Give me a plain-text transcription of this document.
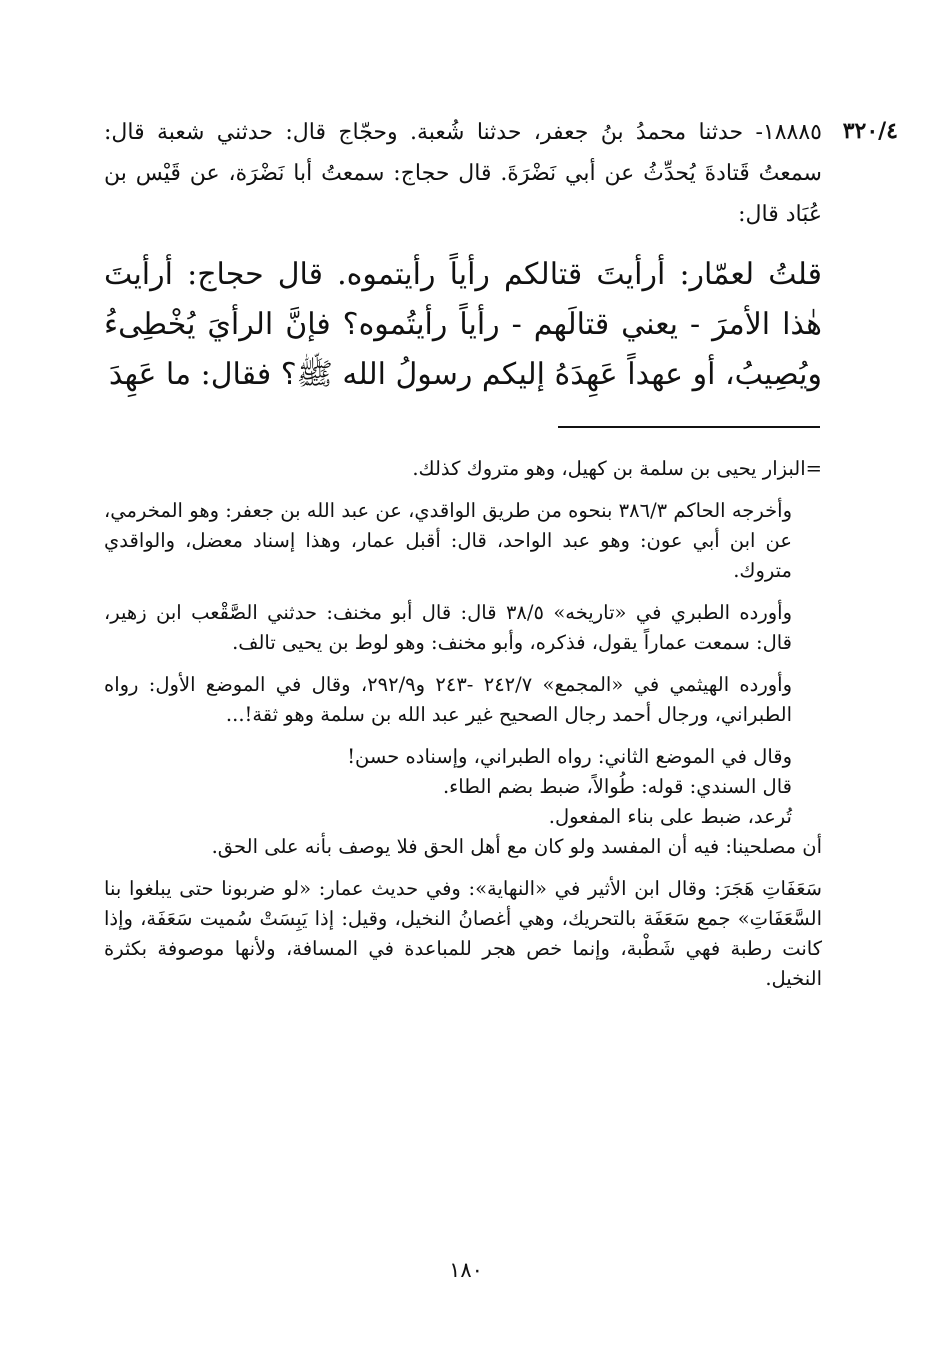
٣٢٠/٤
١٨٨٨٥- حدثنا محمدُ بنُ جعفر، حدثنا شُعبة. وحجّاج قال: حدثني شعبة قال: سمعتُ قَتادةَ يُحدِّثُ عن أبي نَضْرَةَ. قال حجاج: سمعتُ أبا نَضْرَة، عن قَيْس بن عُبَاد قال:
قلتُ لعمّار: أرأيتَ قتالكم رأياً رأيتموه. قال حجاج: أرأيتَ هٰذا الأمرَ - يعني قتالَهم - رأياً رأيتُموه؟ فإنَّ الرأيَ يُخْطِىءُ ويُصِيبُ، أو عهداً عَهِدَهُ إليكم رسولُ الله ﷺ؟ فقال: ما عَهِدَ

=البزار يحيى بن سلمة بن كهيل، وهو متروك كذلك.

وأخرجه الحاكم ٣٨٦/٣ بنحوه من طريق الواقدي، عن عبد الله بن جعفر: وهو المخرمي، عن ابن أبي عون: وهو عبد الواحد، قال: أقبل عمار، وهذا إسناد معضل، والواقدي متروك.

وأورده الطبري في «تاريخه» ٣٨/٥ قال: قال أبو مخنف: حدثني الصَّقْعب ابن زهير، قال: سمعت عماراً يقول، فذكره، وأبو مخنف: وهو لوط بن يحيى تالف.

وأورده الهيثمي في «المجمع» ٢٤٢/٧ -٢٤٣ و٢٩٢/٩، وقال في الموضع الأول: رواه الطبراني، ورجال أحمد رجال الصحيح غير عبد الله بن سلمة وهو ثقة!...

وقال في الموضع الثاني: رواه الطبراني، وإسناده حسن!

قال السندي: قوله: طُوالاً، ضبط بضم الطاء.

تُرعد، ضبط على بناء المفعول.

أن مصلحينا: فيه أن المفسد ولو كان مع أهل الحق فلا يوصف بأنه على الحق.

سَعَفَاتِ هَجَرَ: وقال ابن الأثير في «النهاية»: وفي حديث عمار: «لو ضربونا حتى يبلغوا بنا السَّعَفَاتِ» جمع سَعَفَة بالتحريك، وهي أغصانُ النخيل، وقيل: إذا يَبِسَتْ سُميت سَعَفَة، وإذا كانت رطبة فهي شَطْبة، وإنما خص هجر للمباعدة في المسافة، ولأنها موصوفة بكثرة النخيل.

١٨٠
